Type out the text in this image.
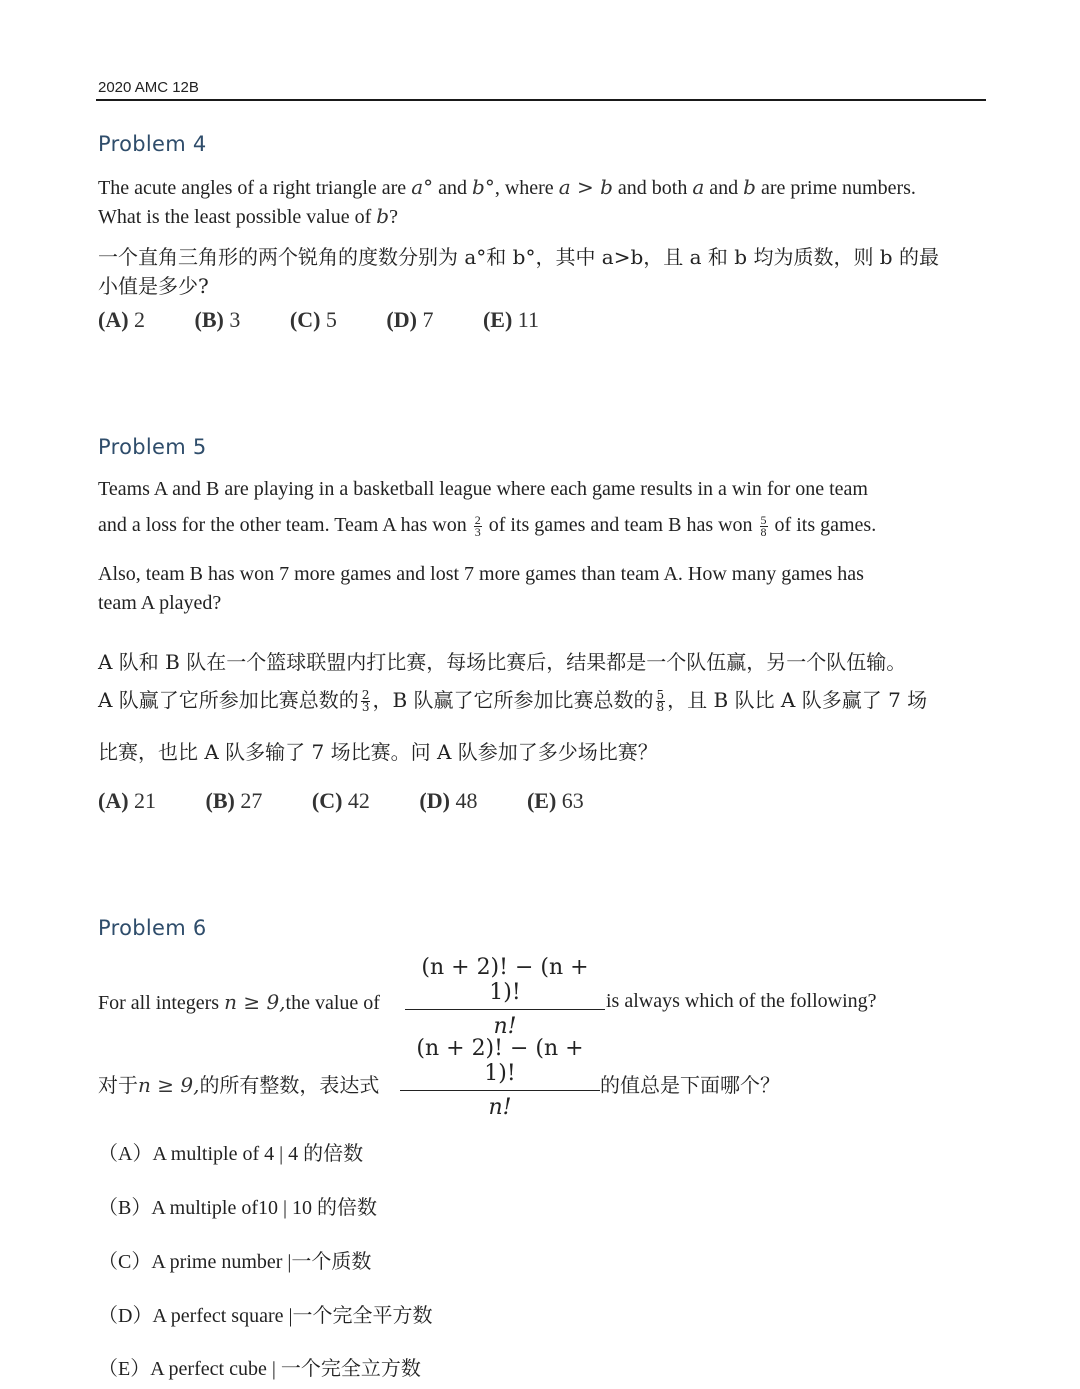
2020 AMC 12B
Problem 4
The acute angles of a right triangle are a° and b°, where a > b and both a and b are prime numbers.
What is the least possible value of b?
一个直角三角形的两个锐角的度数分别为 a°和 b°，其中 a>b，且 a 和 b 均为质数，则 b 的最
小值是多少?
(A) 2 (B) 3 (C) 5 (D) 7 (E) 11
Problem 5
Teams A and B are playing in a basketball league where each game results in a win for one team
and a loss for the other team. Team A has won $\frac{2}{3}$ of its games and team B has won $\frac{5}{8}$ of its games.
Also, team B has won 7 more games and lost 7 more games than team A. How many games has
team A played?
A 队和 B 队在一个篮球联盟内打比赛，每场比赛后，结果都是一个队伍赢，另一个队伍输。
A 队赢了它所参加比赛总数的 $\frac{2}{3}$ ，B 队赢了它所参加比赛总数的 $\frac{5}{8}$ ，且 B 队比 A 队多赢了 7 场
比赛，也比 A 队多输了 7 场比赛。问 A 队参加了多少场比赛？
(A) 21 (B) 27 (C) 42 (D) 48 (E) 63
Problem 6
For all integers n ≥ 9,the value of $\frac{(n + 2)! - (n + 1)!}{n!}$ is always which of the following?
对于n ≥ 9,的所有整数，表达式 $\frac{(n + 2)! - (n + 1)!}{n!}$ 的值总是下面哪个？
（A）A multiple of 4 | 4 的倍数
（B）A multiple of10 | 10 的倍数
（C）A prime number |一个质数
（D）A perfect square |一个完全平方数
（E）A perfect cube | 一个完全立方数
